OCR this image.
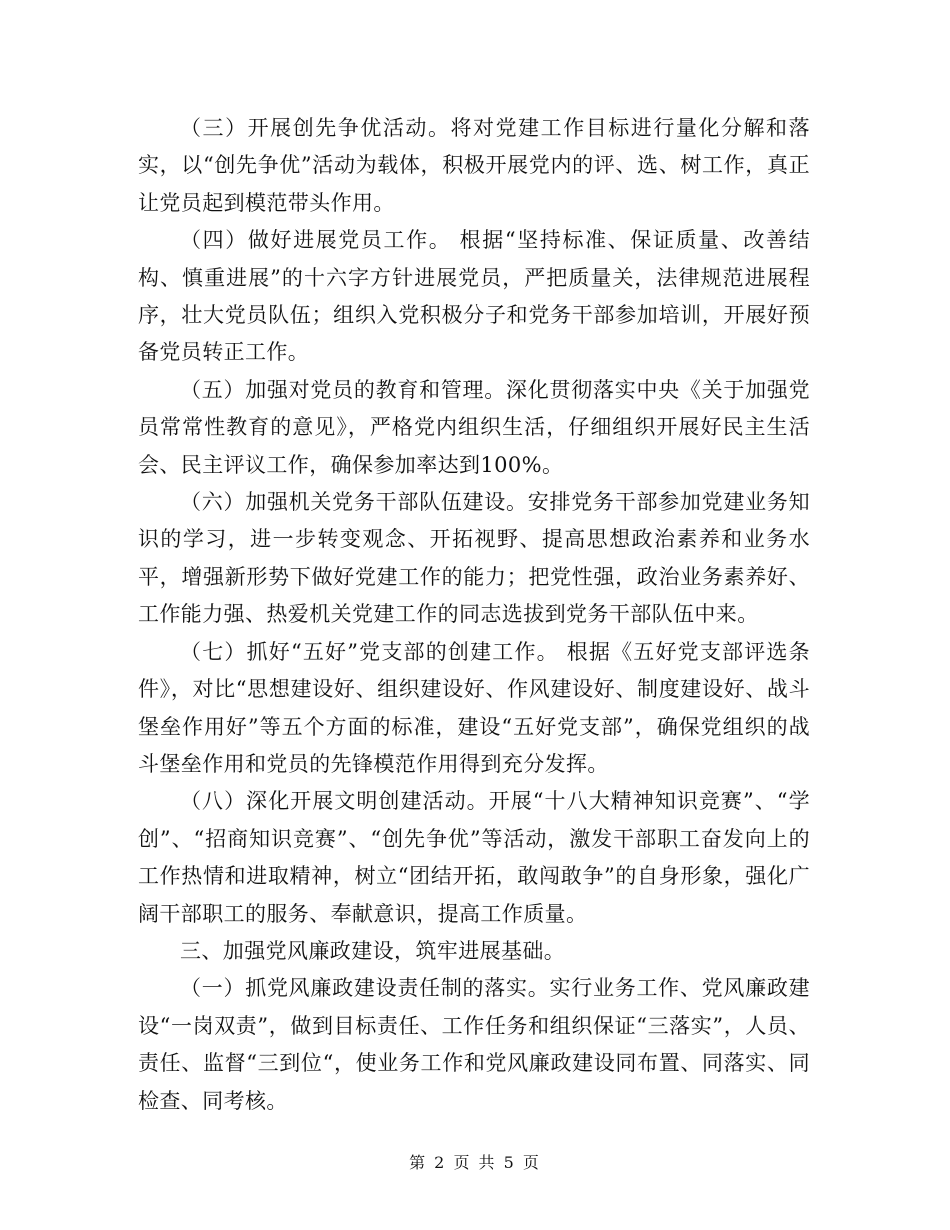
（三）开展创先争优活动。将对党建工作目标进行量化分解和落实，以“创先争优”活动为载体，积极开展党内的评、选、树工作，真正让党员起到模范带头作用。

（四）做好进展党员工作。 根据“坚持标准、保证质量、改善结构、慎重进展”的十六字方针进展党员，严把质量关，法律规范进展程序，壮大党员队伍；组织入党积极分子和党务干部参加培训，开展好预备党员转正工作。

（五）加强对党员的教育和管理。深化贯彻落实中央《关于加强党员常常性教育的意见》，严格党内组织生活，仔细组织开展好民主生活会、民主评议工作，确保参加率达到100%。

（六）加强机关党务干部队伍建设。安排党务干部参加党建业务知识的学习，进一步转变观念、开拓视野、提高思想政治素养和业务水平，增强新形势下做好党建工作的能力；把党性强，政治业务素养好、工作能力强、热爱机关党建工作的同志选拔到党务干部队伍中来。

（七）抓好“五好”党支部的创建工作。 根据《五好党支部评选条件》，对比“思想建设好、组织建设好、作风建设好、制度建设好、战斗堡垒作用好”等五个方面的标准，建设“五好党支部”，确保党组织的战斗堡垒作用和党员的先锋模范作用得到充分发挥。

（八）深化开展文明创建活动。开展“十八大精神知识竞赛”、“学创”、“招商知识竞赛”、“创先争优”等活动，激发干部职工奋发向上的工作热情和进取精神，树立“团结开拓，敢闯敢争”的自身形象，强化广阔干部职工的服务、奉献意识，提高工作质量。

三、加强党风廉政建设，筑牢进展基础。

（一）抓党风廉政建设责任制的落实。实行业务工作、党风廉政建设“一岗双责”，做到目标责任、工作任务和组织保证“三落实”，人员、责任、监督“三到位“，使业务工作和党风廉政建设同布置、同落实、同检查、同考核。

第 2 页 共 5 页
